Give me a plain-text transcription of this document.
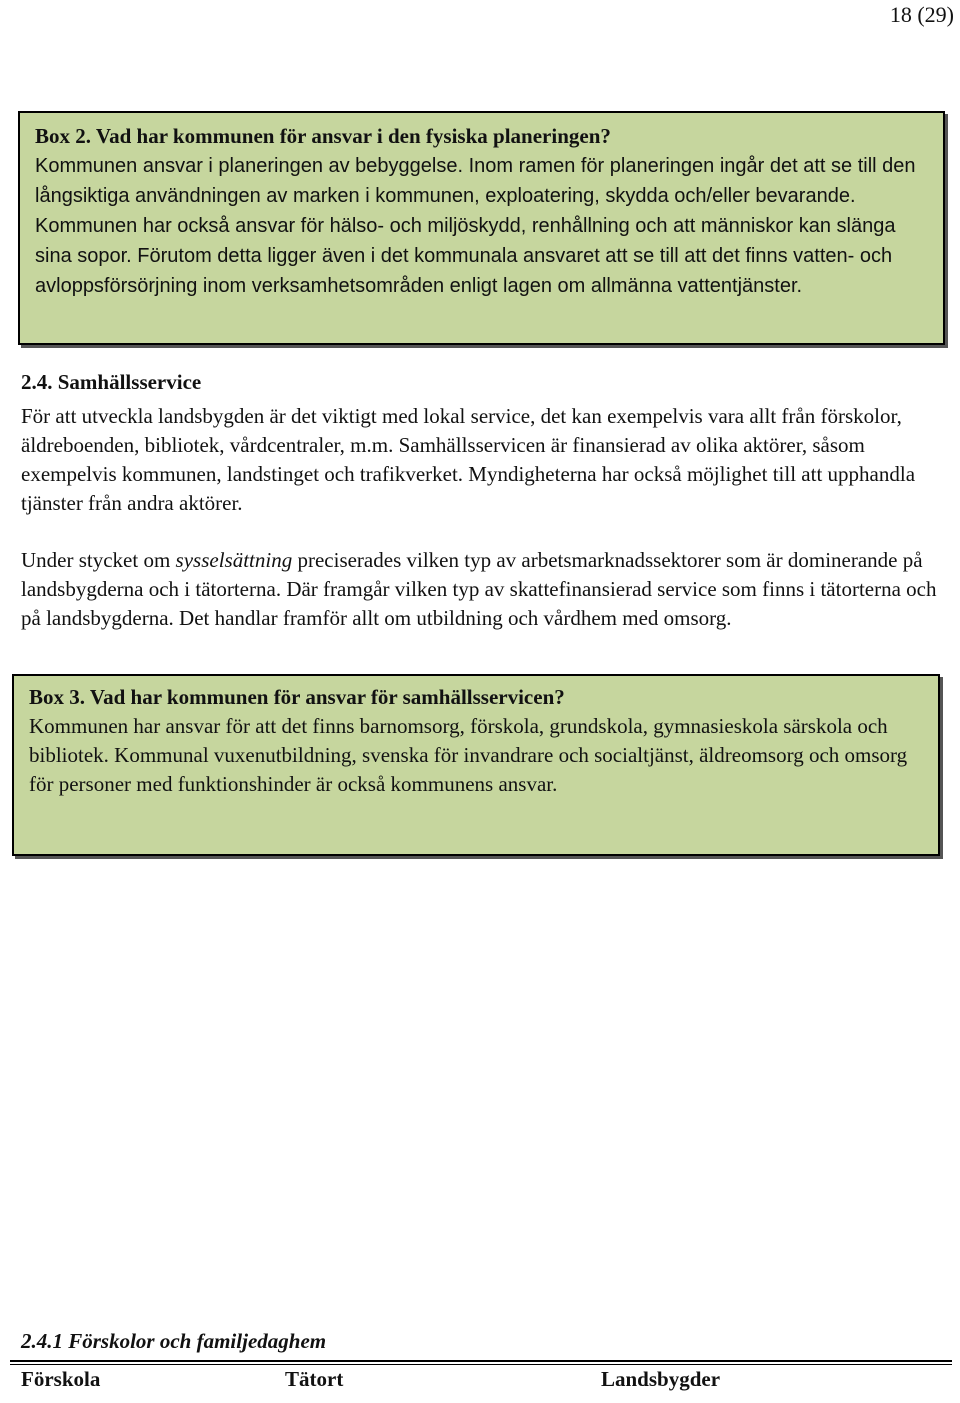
18 (29)
Box 2. Vad har kommunen för ansvar i den fysiska planeringen?
Kommunen ansvar i planeringen av bebyggelse. Inom ramen för planeringen ingår det att se till den långsiktiga användningen av marken i kommunen, exploatering, skydda och/eller bevarande. Kommunen har också ansvar för hälso- och miljöskydd, renhållning och att människor kan slänga sina sopor. Förutom detta ligger även i det kommunala ansvaret att se till att det finns vatten- och avloppsförsörjning inom verksamhetsområden enligt lagen om allmänna vattentjänster.
2.4. Samhällsservice
För att utveckla landsbygden är det viktigt med lokal service, det kan exempelvis vara allt från förskolor, äldreboenden, bibliotek, vårdcentraler, m.m. Samhällsservicen är finansierad av olika aktörer, såsom exempelvis kommunen, landstinget och trafikverket. Myndigheterna har också möjlighet till att upphandla tjänster från andra aktörer.
Under stycket om sysselsättning preciserades vilken typ av arbetsmarknadssektorer som är dominerande på landsbygderna och i tätorterna. Där framgår vilken typ av skattefinansierad service som finns i tätorterna och på landsbygderna. Det handlar framför allt om utbildning och vårdhem med omsorg.
Box 3. Vad har kommunen för ansvar för samhällsservicen?
Kommunen har ansvar för att det finns barnomsorg, förskola, grundskola, gymnasieskola särskola och bibliotek. Kommunal vuxenutbildning, svenska för invandrare och socialtjänst, äldreomsorg och omsorg för personer med funktionshinder är också kommunens ansvar.
2.4.1 Förskolor och familjedaghem
Förskola	Tätort	Landsbygder
